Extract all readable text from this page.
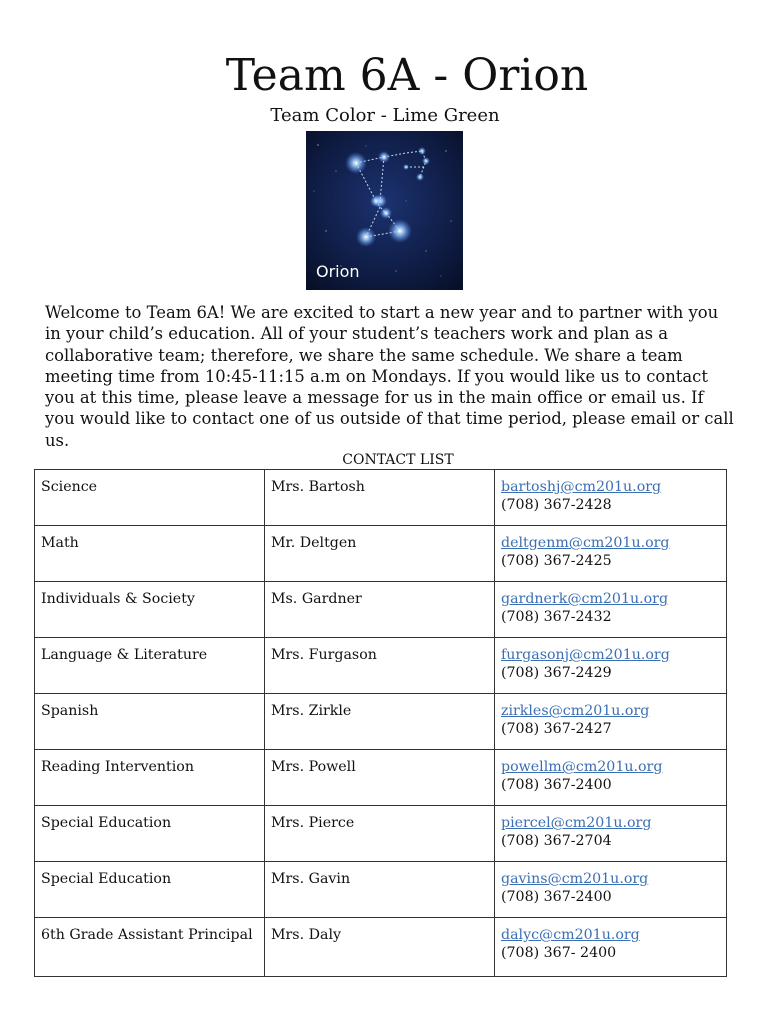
Team 6A - Orion
Team Color - Lime Green
Orion

Welcome to Team 6A! We are excited to start a new year and to partner with you in your child’s education. All of your student’s teachers work and plan as a collaborative team; therefore, we share the same schedule. We share a team meeting time from 10:45-11:15 a.m on Mondays. If you would like us to contact you at this time, please leave a message for us in the main office or email us. If you would like to contact one of us outside of that time period, please email or call us.

CONTACT LIST
Science	Mrs. Bartosh	bartoshj@cm201u.org
(708) 367-2428

Math	Mr. Deltgen	deltgenm@cm201u.org
(708) 367-2425

Individuals & Society	Ms. Gardner	gardnerk@cm201u.org
(708) 367-2432

Language & Literature	Mrs. Furgason	furgasonj@cm201u.org
(708) 367-2429

Spanish	Mrs. Zirkle	zirkles@cm201u.org
(708) 367-2427

Reading Intervention	Mrs. Powell	powellm@cm201u.org
(708) 367-2400

Special Education	Mrs. Pierce	piercel@cm201u.org
(708) 367-2704

Special Education	Mrs. Gavin	gavins@cm201u.org
(708) 367-2400

6th Grade Assistant Principal	Mrs. Daly	dalyc@cm201u.org
(708) 367- 2400
